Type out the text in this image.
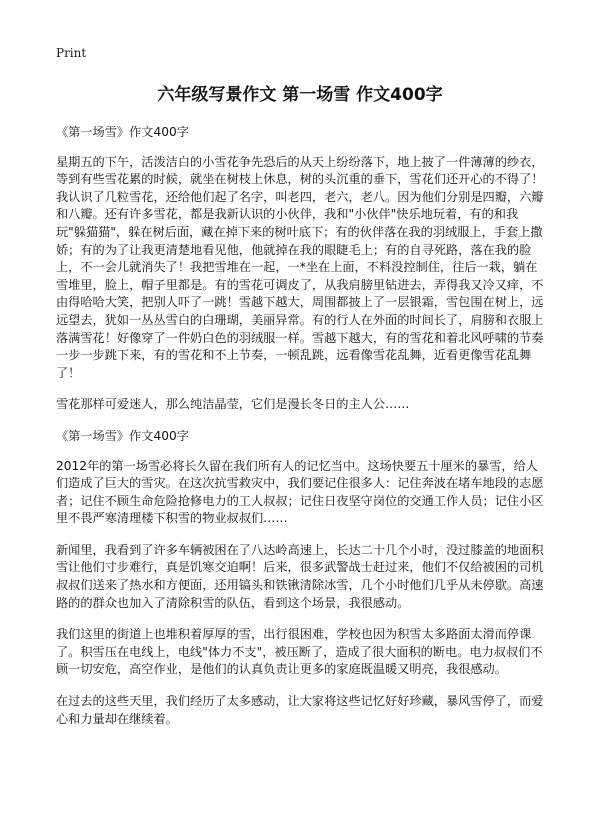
Print
六年级写景作文 第一场雪 作文400字

《第一场雪》作文400字

星期五的下午，活泼洁白的小雪花争先恐后的从天上纷纷落下，地上披了一件薄薄的纱衣，等到有些雪花累的时候，就坐在树枝上休息，树的头沉重的垂下，雪花们还开心的不得了！我认识了几粒雪花，还给他们起了名字，叫老四，老六，老八。因为他们分别是四瓣，六瓣和八瓣。还有许多雪花，都是我新认识的小伙伴，我和"小伙伴"快乐地玩着，有的和我玩"躲猫猫"，躲在树后面，藏在掉下来的树叶底下；有的伙伴落在我的羽绒服上，手套上撒娇；有的为了让我更清楚地看见他，他就掉在我的眼睫毛上；有的自寻死路，落在我的脸上，不一会儿就消失了！我把雪堆在一起，一*坐在上面，不料没控制住，往后一栽，躺在雪堆里，脸上，帽子里都是。有的雪花可调皮了，从我肩膀里钻进去，弄得我又冷又痒，不由得哈哈大笑，把别人吓了一跳！雪越下越大，周围都披上了一层银霜，雪包围在树上，远远望去，犹如一丛丛雪白的白珊瑚，美丽异常。有的行人在外面的时间长了，肩膀和衣服上落满雪花！好像穿了一件奶白色的羽绒服一样。雪越下越大，有的雪花和着北风呼啸的节奏一步一步跳下来，有的雪花和不上节奏，一顿乱跳，远看像雪花乱舞，近看更像雪花乱舞了！

雪花那样可爱迷人，那么纯洁晶莹，它们是漫长冬日的主人公……

《第一场雪》作文400字

2012年的第一场雪必将长久留在我们所有人的记忆当中。这场快要五十厘米的暴雪，给人们造成了巨大的雪灾。在这次抗雪救灾中，我们要记住很多人：记住奔波在堵车地段的志愿者；记住不顾生命危险抢修电力的工人叔叔；记住日夜坚守岗位的交通工作人员；记住小区里不畏严寒清理楼下积雪的物业叔叔们……

新闻里，我看到了许多车辆被困在了八达岭高速上，长达二十几个小时，没过膝盖的地面积雪让他们寸步难行，真是饥寒交迫啊！后来，很多武警战士赶过来，他们不仅给被困的司机叔叔们送来了热水和方便面，还用镐头和铁锹清除冰雪，几个小时他们几乎从未停歇。高速路的的群众也加入了清除积雪的队伍，看到这个场景，我很感动。

我们这里的街道上也堆积着厚厚的雪，出行很困难，学校也因为积雪太多路面太滑而停课了。积雪压在电线上，电线"体力不支"，被压断了，造成了很大面积的断电。电力叔叔们不顾一切安危，高空作业，是他们的认真负责让更多的家庭既温暖又明亮，我很感动。

在过去的这些天里，我们经历了太多感动，让大家将这些记忆好好珍藏，暴风雪停了，而爱心和力量却在继续着。
